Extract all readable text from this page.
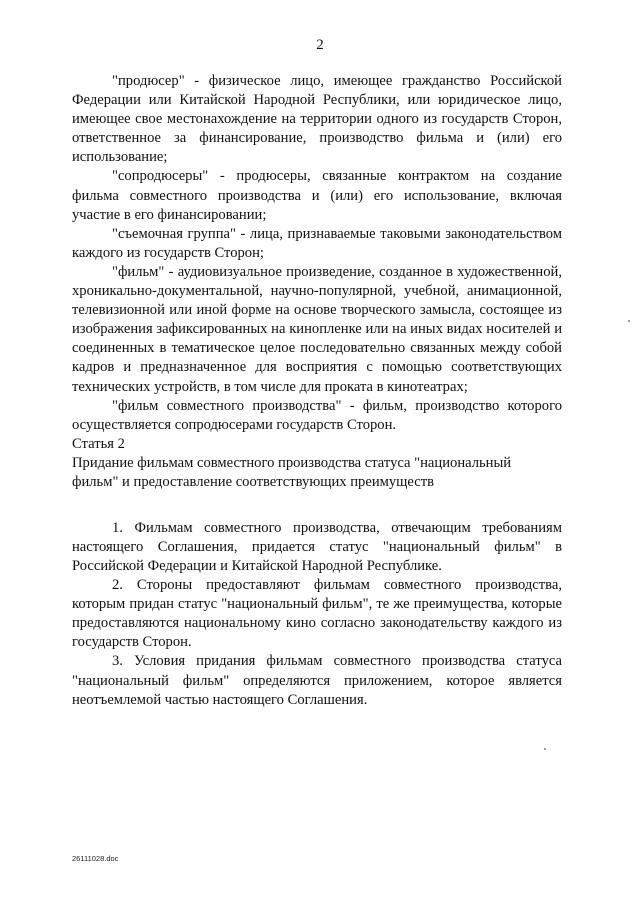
2

"продюсер" - физическое лицо, имеющее гражданство Российской Федерации или Китайской Народной Республики, или юридическое лицо, имеющее свое местонахождение на территории одного из государств Сторон, ответственное за финансирование, производство фильма и (или) его использование;

"сопродюсеры" - продюсеры, связанные контрактом на создание фильма совместного производства и (или) его использование, включая участие в его финансировании;

"съемочная группа" - лица, признаваемые таковыми законодательством каждого из государств Сторон;

"фильм" - аудиовизуальное произведение, созданное в художественной, хроникально-документальной, научно-популярной, учебной, анимационной, телевизионной или иной форме на основе творческого замысла, состоящее из изображения зафиксированных на кинопленке или на иных видах носителей и соединенных в тематическое целое последовательно связанных между собой кадров и предназначенное для восприятия с помощью соответствующих технических устройств, в том числе для проката в кинотеатрах;

"фильм совместного производства" - фильм, производство которого осуществляется сопродюсерами государств Сторон.

Статья 2

Придание фильмам совместного производства статуса "национальный

фильм" и предоставление соответствующих преимуществ

1. Фильмам совместного производства, отвечающим требованиям настоящего Соглашения, придается статус "национальный фильм" в Российской Федерации и Китайской Народной Республике.

2. Стороны предоставляют фильмам совместного производства, которым придан статус "национальный фильм", те же преимущества, которые предоставляются национальному кино согласно законодательству каждого из государств Сторон.

3. Условия придания фильмам совместного производства статуса "национальный фильм" определяются приложением, которое является неотъемлемой частью настоящего Соглашения.

26111028.doc
